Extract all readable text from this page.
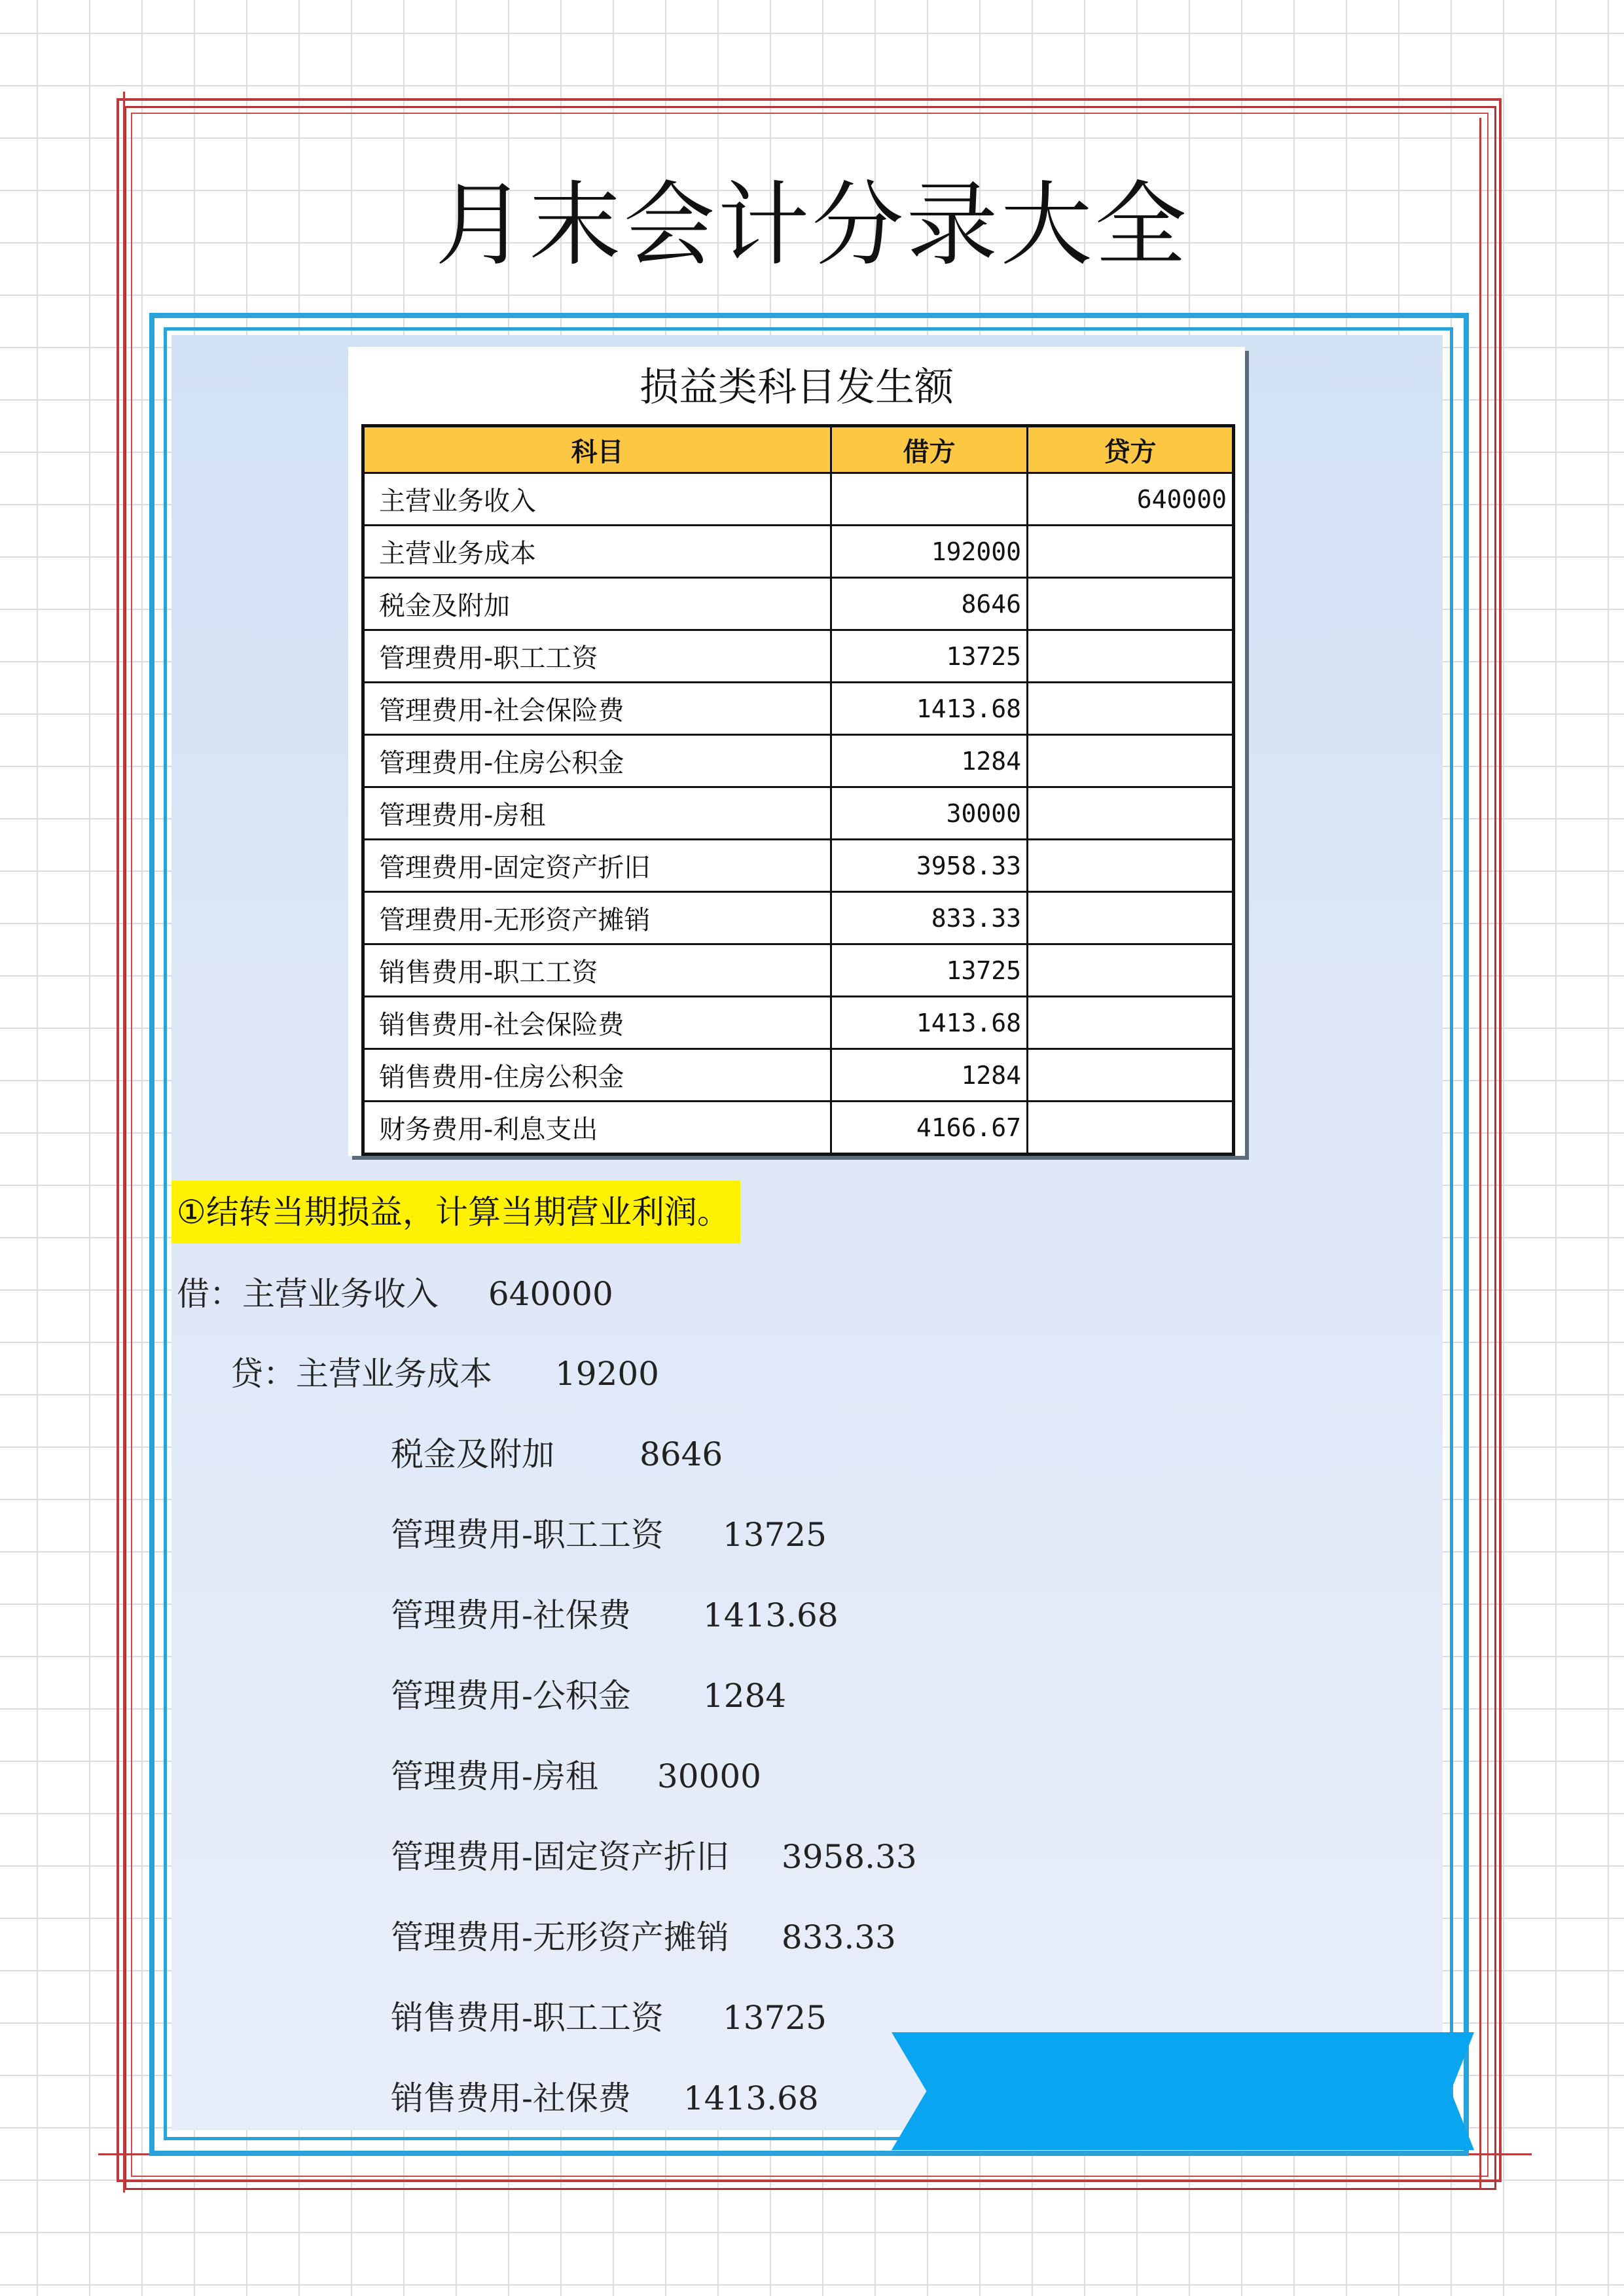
月末会计分录大全
损益类科目发生额
科目	借方	贷方
主营业务收入		640000
主营业务成本	192000	
税金及附加	8646	
管理费用-职工工资	13725	
管理费用-社会保险费	1413.68	
管理费用-住房公积金	1284	
管理费用-房租	30000	
管理费用-固定资产折旧	3958.33	
管理费用-无形资产摊销	833.33	
销售费用-职工工资	13725	
销售费用-社会保险费	1413.68	
销售费用-住房公积金	1284	
财务费用-利息支出	4166.67	
①结转当期损益，计算当期营业利润。
借：主营业务收入 640000
贷：主营业务成本 19200
税金及附加	8646
管理费用-职工工资 13725
管理费用-社保费 1413.68
管理费用-公积金 1284
管理费用-房租 30000
管理费用-固定资产折旧 3958.33
管理费用-无形资产摊销 833.33
销售费用-职工工资 13725
销售费用-社保费 1413.68
